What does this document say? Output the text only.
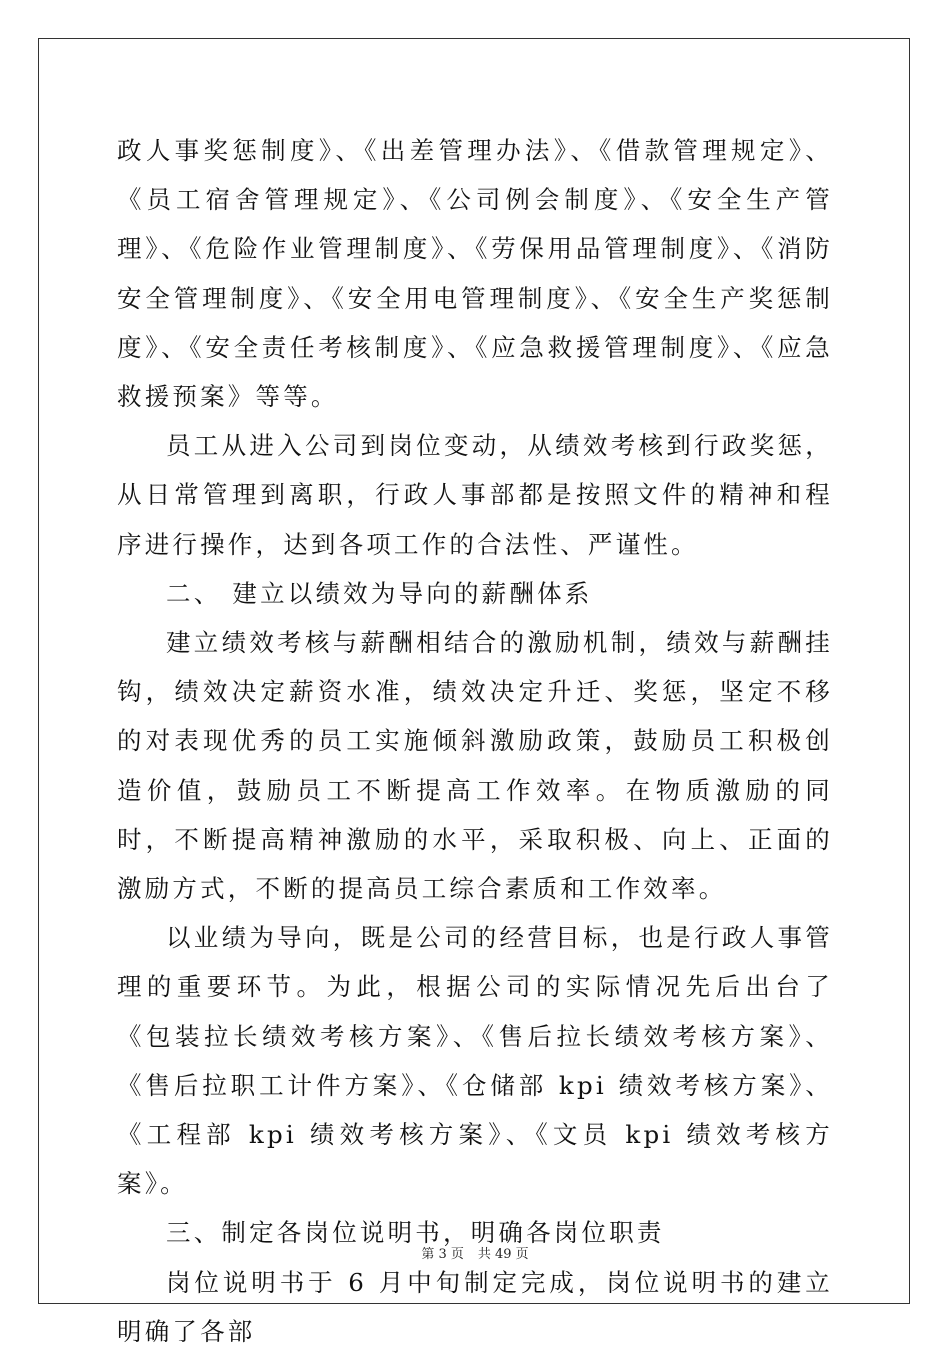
政人事奖惩制度》、《出差管理办法》、《借款管理规定》、《员工宿舍管理规定》、《公司例会制度》、《安全生产管理》、《危险作业管理制度》、《劳保用品管理制度》、《消防安全管理制度》、《安全用电管理制度》、《安全生产奖惩制度》、《安全责任考核制度》、《应急救援管理制度》、《应急救援预案》等等。

员工从进入公司到岗位变动，从绩效考核到行政奖惩，从日常管理到离职，行政人事部都是按照文件的精神和程序进行操作，达到各项工作的合法性、严谨性。

二、 建立以绩效为导向的薪酬体系

建立绩效考核与薪酬相结合的激励机制，绩效与薪酬挂钩，绩效决定薪资水准，绩效决定升迁、奖惩，坚定不移的对表现优秀的员工实施倾斜激励政策，鼓励员工积极创造价值，鼓励员工不断提高工作效率。在物质激励的同时，不断提高精神激励的水平，采取积极、向上、正面的激励方式，不断的提高员工综合素质和工作效率。

以业绩为导向，既是公司的经营目标，也是行政人事管理的重要环节。为此，根据公司的实际情况先后出台了《包装拉长绩效考核方案》、《售后拉长绩效考核方案》、《售后拉职工计件方案》、《仓储部 kpi 绩效考核方案》、《工程部 kpi 绩效考核方案》、《文员 kpi 绩效考核方案》。

三、制定各岗位说明书，明确各岗位职责

岗位说明书于 6 月中旬制定完成，岗位说明书的建立明确了各部

第 3 页 共 49 页
